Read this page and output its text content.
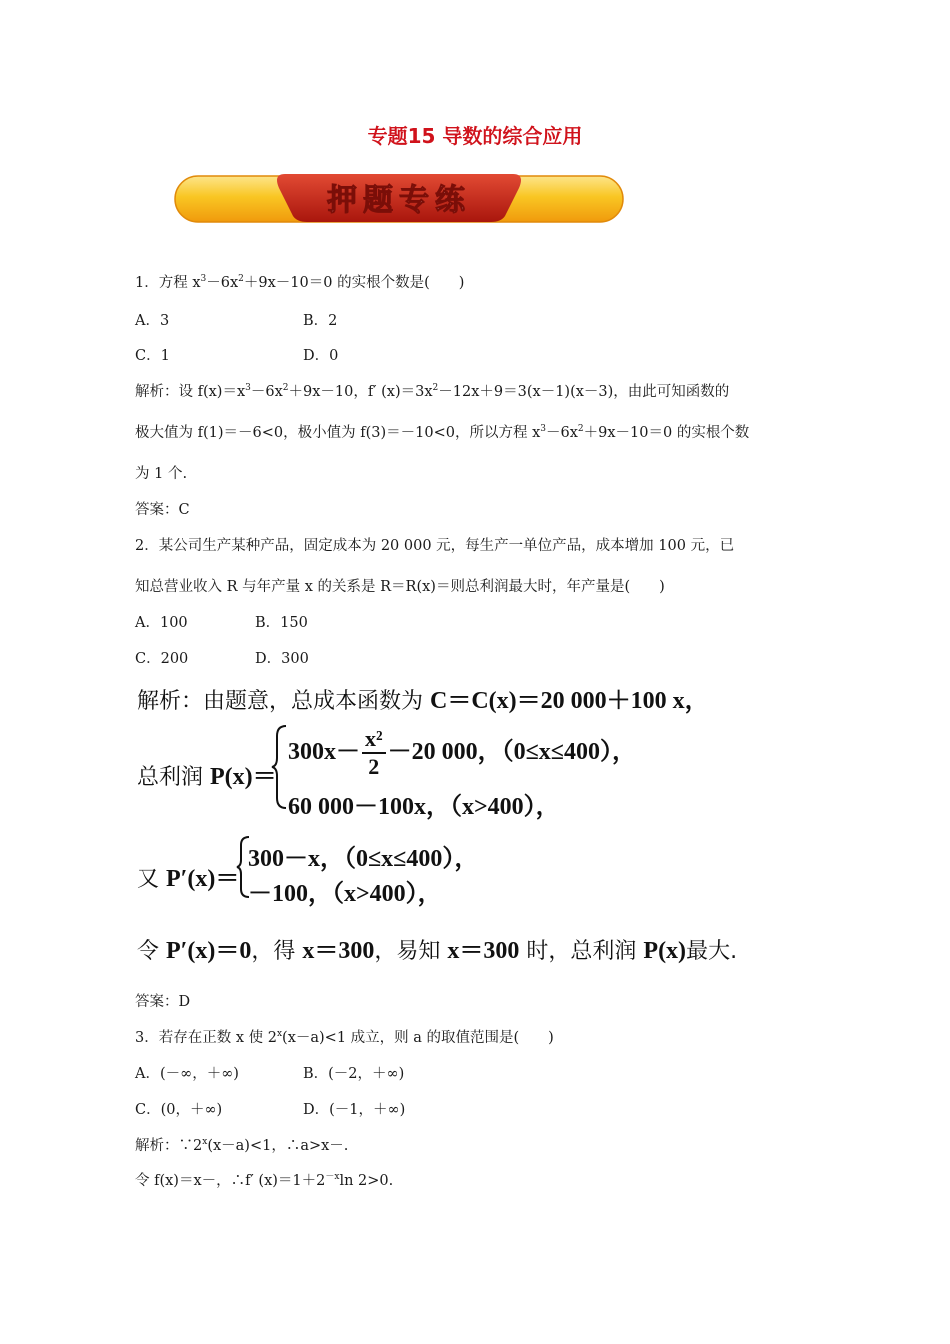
专题15 导数的综合应用
押题专练
1．方程 $x^3-6x^2+9x-10=0$ 的实根个数是(　　)
A．3	B．2
C．1	D．0
解析：设 $f(x)=x^3-6x^2+9x-10$，f′ $(x)=3x^2-12x+9=3(x-1)(x-3)$，由此可知函数的
极大值为 f(1)＝－6<0，极小值为 f(3)＝－10<0，所以方程 $x^3-6x^2+9x-10=0$ 的实根个数
为 1 个.
答案：C
2．某公司生产某种产品，固定成本为 20 000 元，每生产一单位产品，成本增加 100 元，已
知总营业收入 R 与年产量 x 的关系是 R＝R(x)＝则总利润最大时，年产量是(　　)
A．100	B．150
C．200	D．300
解析：由题意，总成本函数为 C＝C(x)＝20 000＋100 x，
总利润 P(x)＝
$300x- \frac{\text{x²}}{2} -20$ 000，（0≤x≤400），
60 000－100x，（x>400），
又 P′(x)＝
300－x，（0≤x≤400），
－100，（x>400），
令 P′(x)＝0，得 x＝300，易知 x＝300 时，总利润 P(x)最大.
答案：D
3．若存在正数 x 使 $2^x(x-a)<1$ 成立，则 a 的取值范围是(　　)
A．(－∞，＋∞)	B．(－2，＋∞)
C．(0，＋∞)	D．(－1，＋∞)
解析：$\because 2^x(x-a)<1$，∴a>x－.
令 f(x)＝x－，∴f′ $(x)=1+2^{-x}\ln$ 2>0.
